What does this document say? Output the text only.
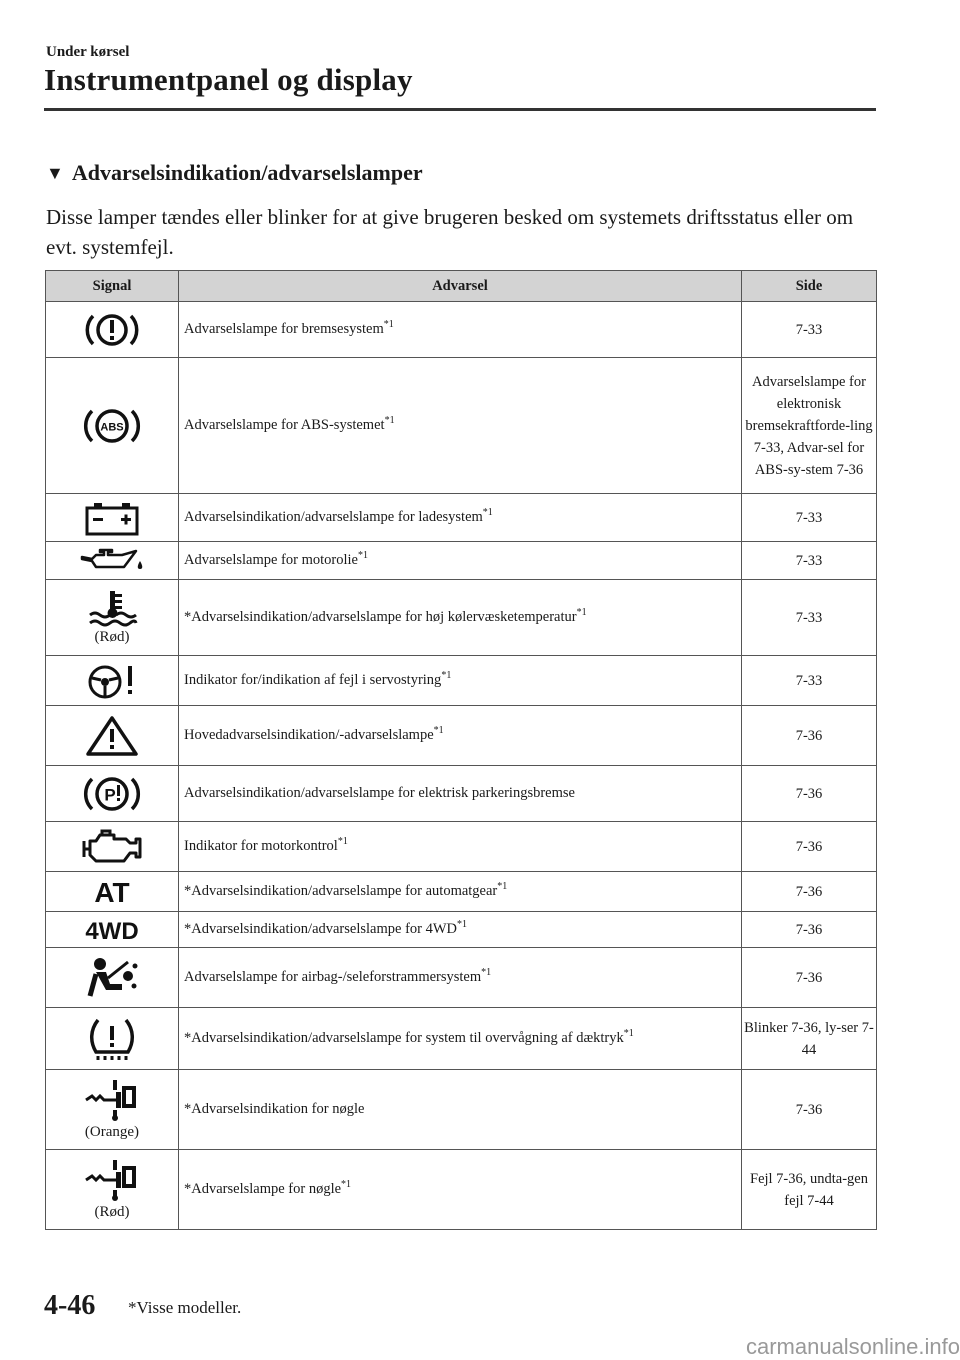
Under kørsel
Instrumentpanel og display
▼ Advarselsindikation/advarselslamper
Disse lamper tændes eller blinker for at give brugeren besked om systemets driftsstatus eller om evt. systemfejl.
Signal	Advarsel	Side

	Advarselslampe for bremsesystem$^{*1}$	7-33

ABS	Advarselslampe for ABS-systemet$^{*1}$	Advarselslampe for elektronisk bremsekraftforde-ling 7-33, Advar-sel for ABS-sy-stem 7-36

	Advarselsindikation/advarselslampe for ladesystem$^{*1}$	7-33

	Advarselslampe for motorolie$^{*1}$	7-33

(Rød)	*Advarselsindikation/advarselslampe for høj kølervæsketemperatur$^{*1}$	7-33

	Indikator for/indikation af fejl i servostyring$^{*1}$	7-33

	Hovedadvarselsindikation/-advarselslampe$^{*1}$	7-36

P	Advarselsindikation/advarselslampe for elektrisk parkeringsbremse	7-36

	Indikator for motorkontrol$^{*1}$	7-36

AT	*Advarselsindikation/advarselslampe for automatgear$^{*1}$	7-36

4WD	*Advarselsindikation/advarselslampe for 4WD$^{*1}$	7-36

	Advarselslampe for airbag-/seleforstrammersystem$^{*1}$	7-36

	*Advarselsindikation/advarselslampe for system til overvågning af dæktryk$^{*1}$	Blinker 7-36, ly-ser 7-44

(Orange)	*Advarselsindikation for nøgle	7-36

(Rød)	*Advarselslampe for nøgle$^{*1}$	Fejl 7-36, undta-gen fejl 7-44
4-46 *Visse modeller.
carmanualsonline.info
